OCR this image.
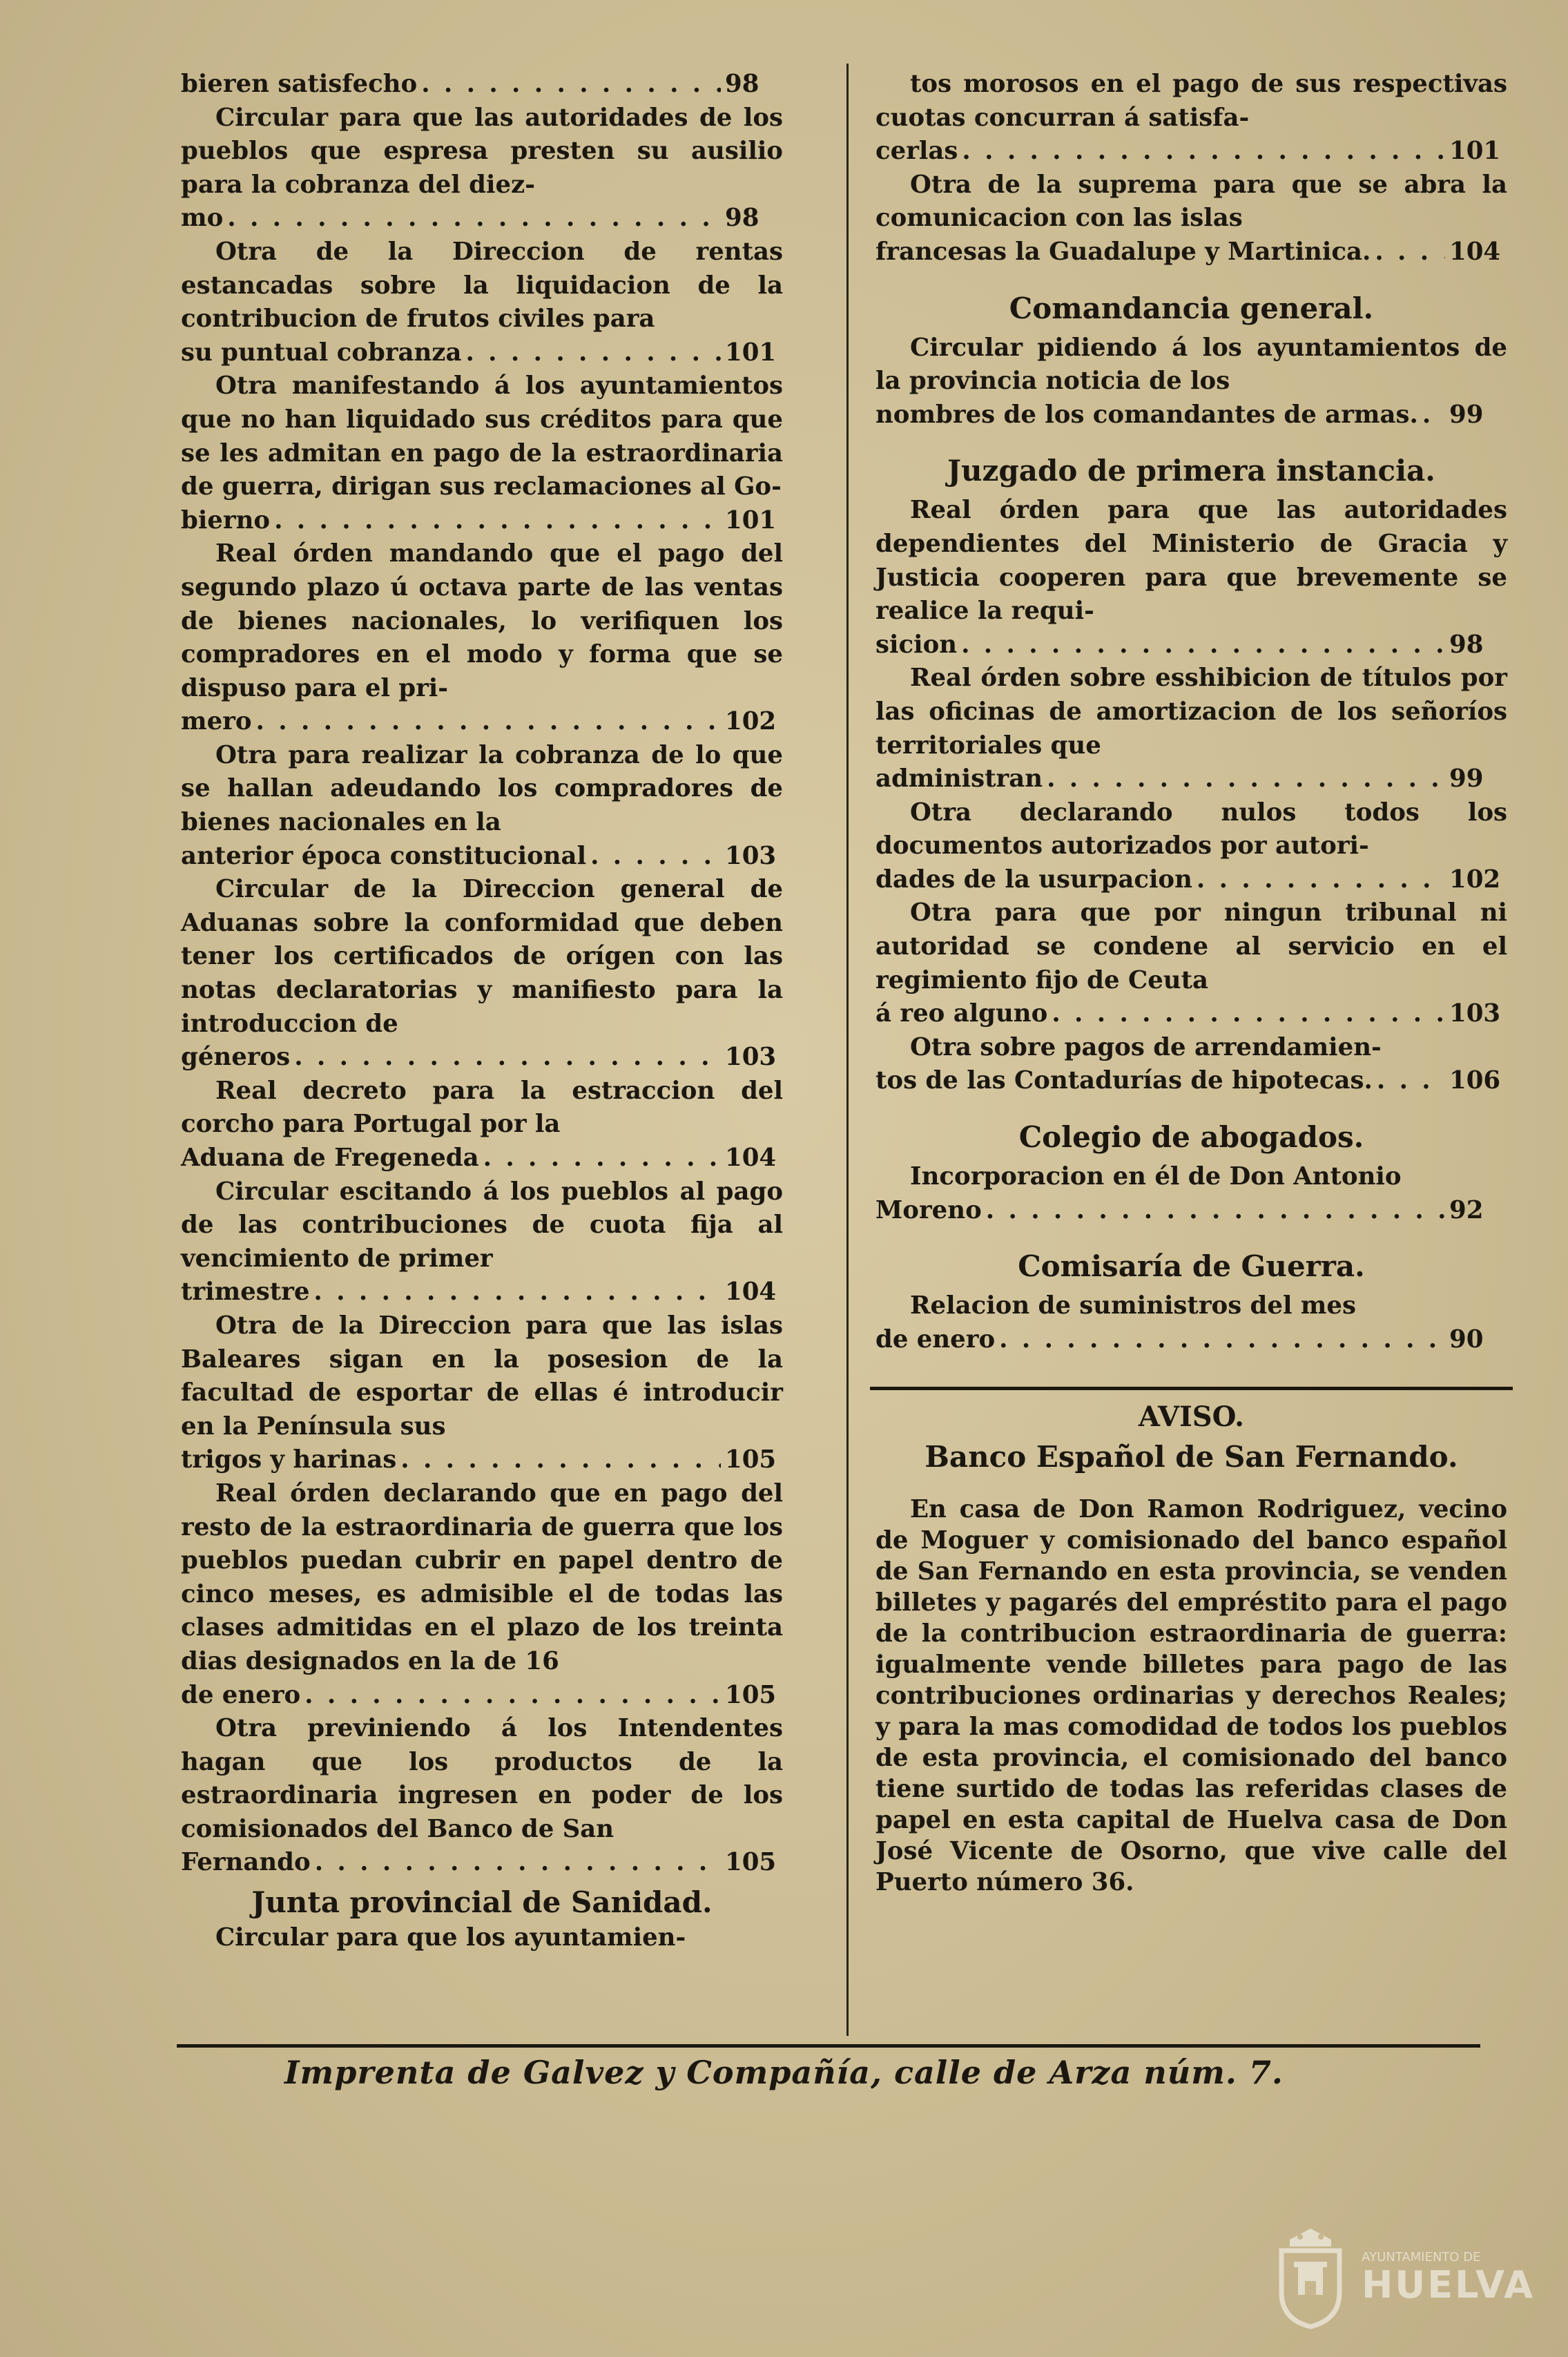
bieren satisfecho . . .	98

Circular para que las autoridades de los pueblos que espresa presten su ausilio para la cobranza del diez-

mo . . .	98

Otra de la Direccion de rentas estancadas sobre la liquidacion de la contribucion de frutos civiles para

su puntual cobranza . . .	101

Otra manifestando á los ayuntamientos que no han liquidado sus créditos para que se les admitan en pago de la estraordinaria de guerra, dirigan sus reclamaciones al Go-

bierno . . .	101

Real órden mandando que el pago del segundo plazo ú octava parte de las ventas de bienes nacionales, lo verifiquen los compradores en el modo y forma que se dispuso para el pri-

mero . . .	102

Otra para realizar la cobranza de lo que se hallan adeudando los compradores de bienes nacionales en la

anterior época constitucional . . .	103

Circular de la Direccion general de Aduanas sobre la conformidad que deben tener los certificados de orígen con las notas declaratorias y manifiesto para la introduccion de

géneros . . .	103

Real decreto para la estraccion del corcho para Portugal por la

Aduana de Fregeneda . . .	104

Circular escitando á los pueblos al pago de las contribuciones de cuota fija al vencimiento de primer

trimestre . . .	104

Otra de la Direccion para que las islas Baleares sigan en la posesion de la facultad de esportar de ellas é introducir en la Península sus

trigos y harinas . . .	105

Real órden declarando que en pago del resto de la estraordinaria de guerra que los pueblos puedan cubrir en papel dentro de cinco meses, es admisible el de todas las clases admitidas en el plazo de los treinta dias designados en la de 16

de enero . . .	105

Otra previniendo á los Intendentes hagan que los productos de la estraordinaria ingresen en poder de los comisionados del Banco de San

Fernando . . .	105
Junta provincial de Sanidad.

Circular para que los ayuntamien-

tos morosos en el pago de sus respectivas cuotas concurran á satisfa-

cerlas . . .	101

Otra de la suprema para que se abra la comunicacion con las islas

francesas la Guadalupe y Martinica. . . .	104
Comandancia general.

Circular pidiendo á los ayuntamientos de la provincia noticia de los

nombres de los comandantes de armas. . . . 99
Juzgado de primera instancia.

Real órden para que las autoridades dependientes del Ministerio de Gracia y Justicia cooperen para que brevemente se realice la requi-

sicion . . .	98

Real órden sobre esshibicion de títulos por las oficinas de amortizacion de los señoríos territoriales que

administran . . .	99

Otra declarando nulos todos los documentos autorizados por autori-

dades de la usurpacion . . .	102

Otra para que por ningun tribunal ni autoridad se condene al servicio en el regimiento fijo de Ceuta

á reo alguno . . .	103

Otra sobre pagos de arrendamien-

tos de las Contadurías de hipotecas. . . .	106
Colegio de abogados.

Incorporacion en él de Don Antonio

Moreno . . .	92
Comisaría de Guerra.

Relacion de suministros del mes

de enero . . .	90
AVISO.
Banco Español de San Fernando.

En casa de Don Ramon Rodriguez, vecino de Moguer y comisionado del banco español de San Fernando en esta provincia, se venden billetes y pagarés del empréstito para el pago de la contribucion estraordinaria de guerra: igualmente vende billetes para pago de las contribuciones ordinarias y derechos Reales; y para la mas comodidad de todos los pueblos de esta provincia, el comisionado del banco tiene surtido de todas las referidas clases de papel en esta capital de Huelva casa de Don José Vicente de Osorno, que vive calle del Puerto número 36.

Imprenta de Galvez y Compañía, calle de Arza núm. 7.
AYUNTAMIENTO DE
HUELVA
